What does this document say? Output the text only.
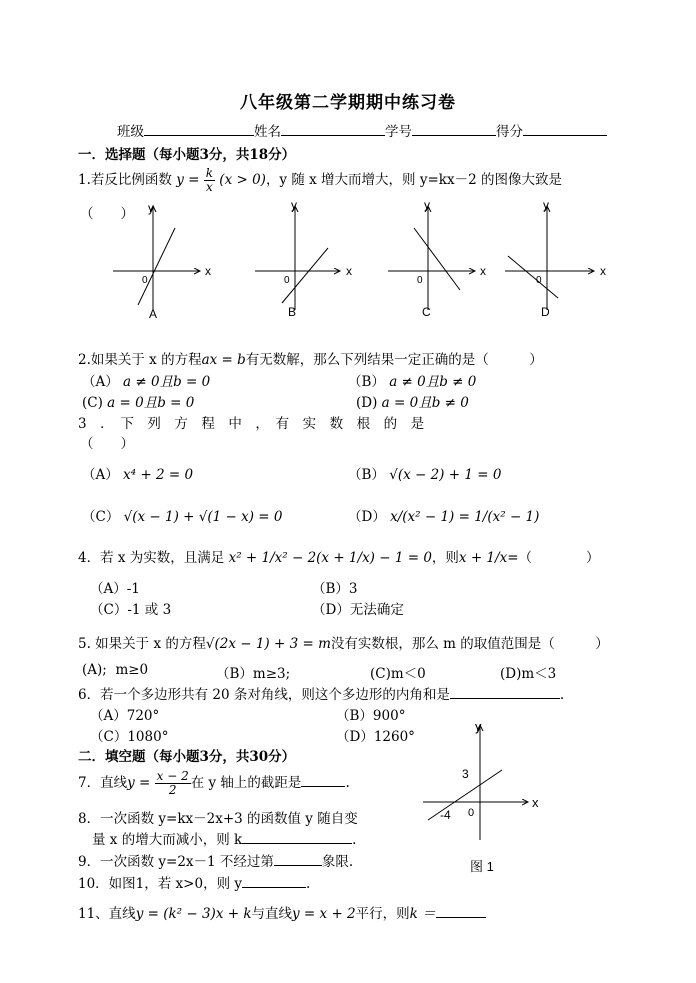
八年级第二学期期中练习卷
班级	姓名	学号	得分
一．选择题（每小题3分，共18分）
1.若反比例函数 $y = \frac{k}{x} (x > 0)$，y 随 x 增大而增大，则 y=kx－2 的图像大致是
（　　）
x
y
0
A
x
y
0
B
x
y
0
C
x
y
0
D
2.如果关于 x 的方程ax = b有无数解，那么下列结果一定正确的是（　　　）
（A） a ≠ 0且b = 0	（B） a ≠ 0且b ≠ 0
(C) a = 0且b = 0	(D) a = 0且b ≠ 0
3　．　下　列　方　程　中　，　有　实　数　根　的　是
（　　）
（A） x⁴ + 2 = 0	（B） √(x − 2) + 1 = 0
（C） √(x − 1) + √(1 − x) = 0	（D） x/(x² − 1) = 1/(x² − 1)
4．若 x 为实数，且满足 x² + 1/x² − 2(x + 1/x) − 1 = 0，则x + 1/x=（　　　　）
（A）-1	（B）3
（C）-1 或 3	（D）无法确定
5. 如果关于 x 的方程√(2x − 1) + 3 = m没有实数根，那么 m 的取值范围是（　　　）
(A); m≥0	（B）m≥3;	(C)m＜0	(D)m＜3
6．若一个多边形共有 20 条对角线，则这个多边形的内角和是	.
（A）720°	（B）900°
（C）1080°	（D）1260°
二．填空题（每小题3分，共30分）
7．直线$y = \frac{x - 2}{2}$ 在 y 轴上的截距是	.
8．一次函数 y=kx－2x+3 的函数值 y 随自变
量 x 的增大而减小，则 k	.
9．一次函数 y=2x－1 不经过第	象限.
10．如图1，若 x>0，则 y	.
11、直线y = (k² − 3)x + k与直线y = x + 2平行，则k ＝
x
y
0
3
-4
图 1
